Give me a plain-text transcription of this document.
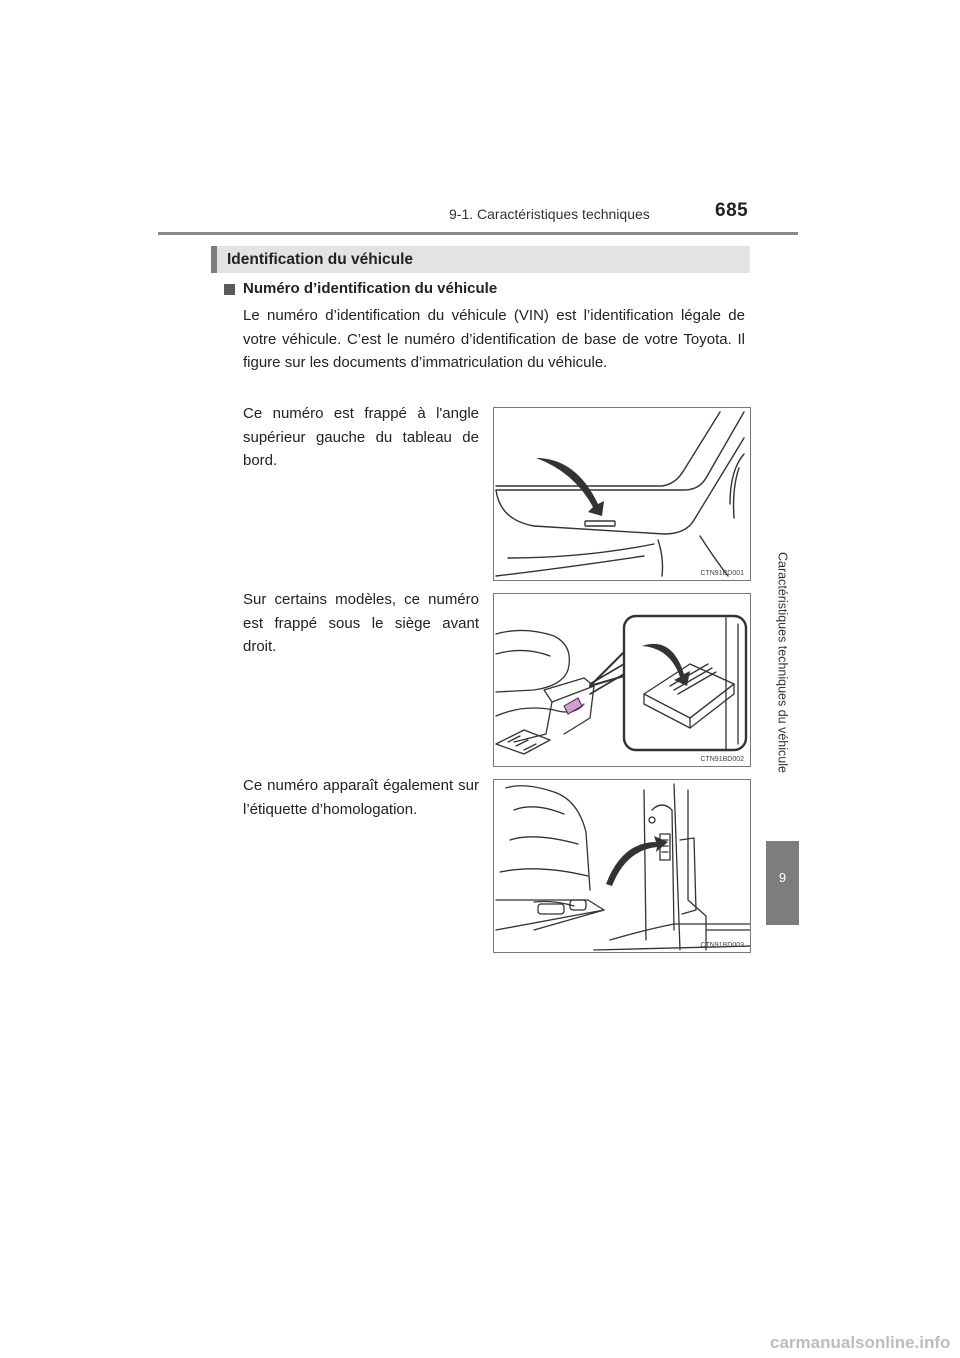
9-1. Caractéristiques techniques	685
Caractéristiques techniques du véhicule
9
Identification du véhicule
Numéro d’identification du véhicule
Le numéro d’identification du véhicule (VIN) est l’identification légale de votre véhicule. C’est le numéro d’identification de base de votre Toyota. Il figure sur les documents d’immatriculation du véhicule.
Ce numéro est frappé à l'angle supérieur gauche du tableau de bord.
CTN91BD001
Sur certains modèles, ce numéro est frappé sous le siège avant droit.
CTN91BD002
Ce numéro apparaît également sur l’étiquette d’homologation.
CTN91BD003
carmanualsonline.info
